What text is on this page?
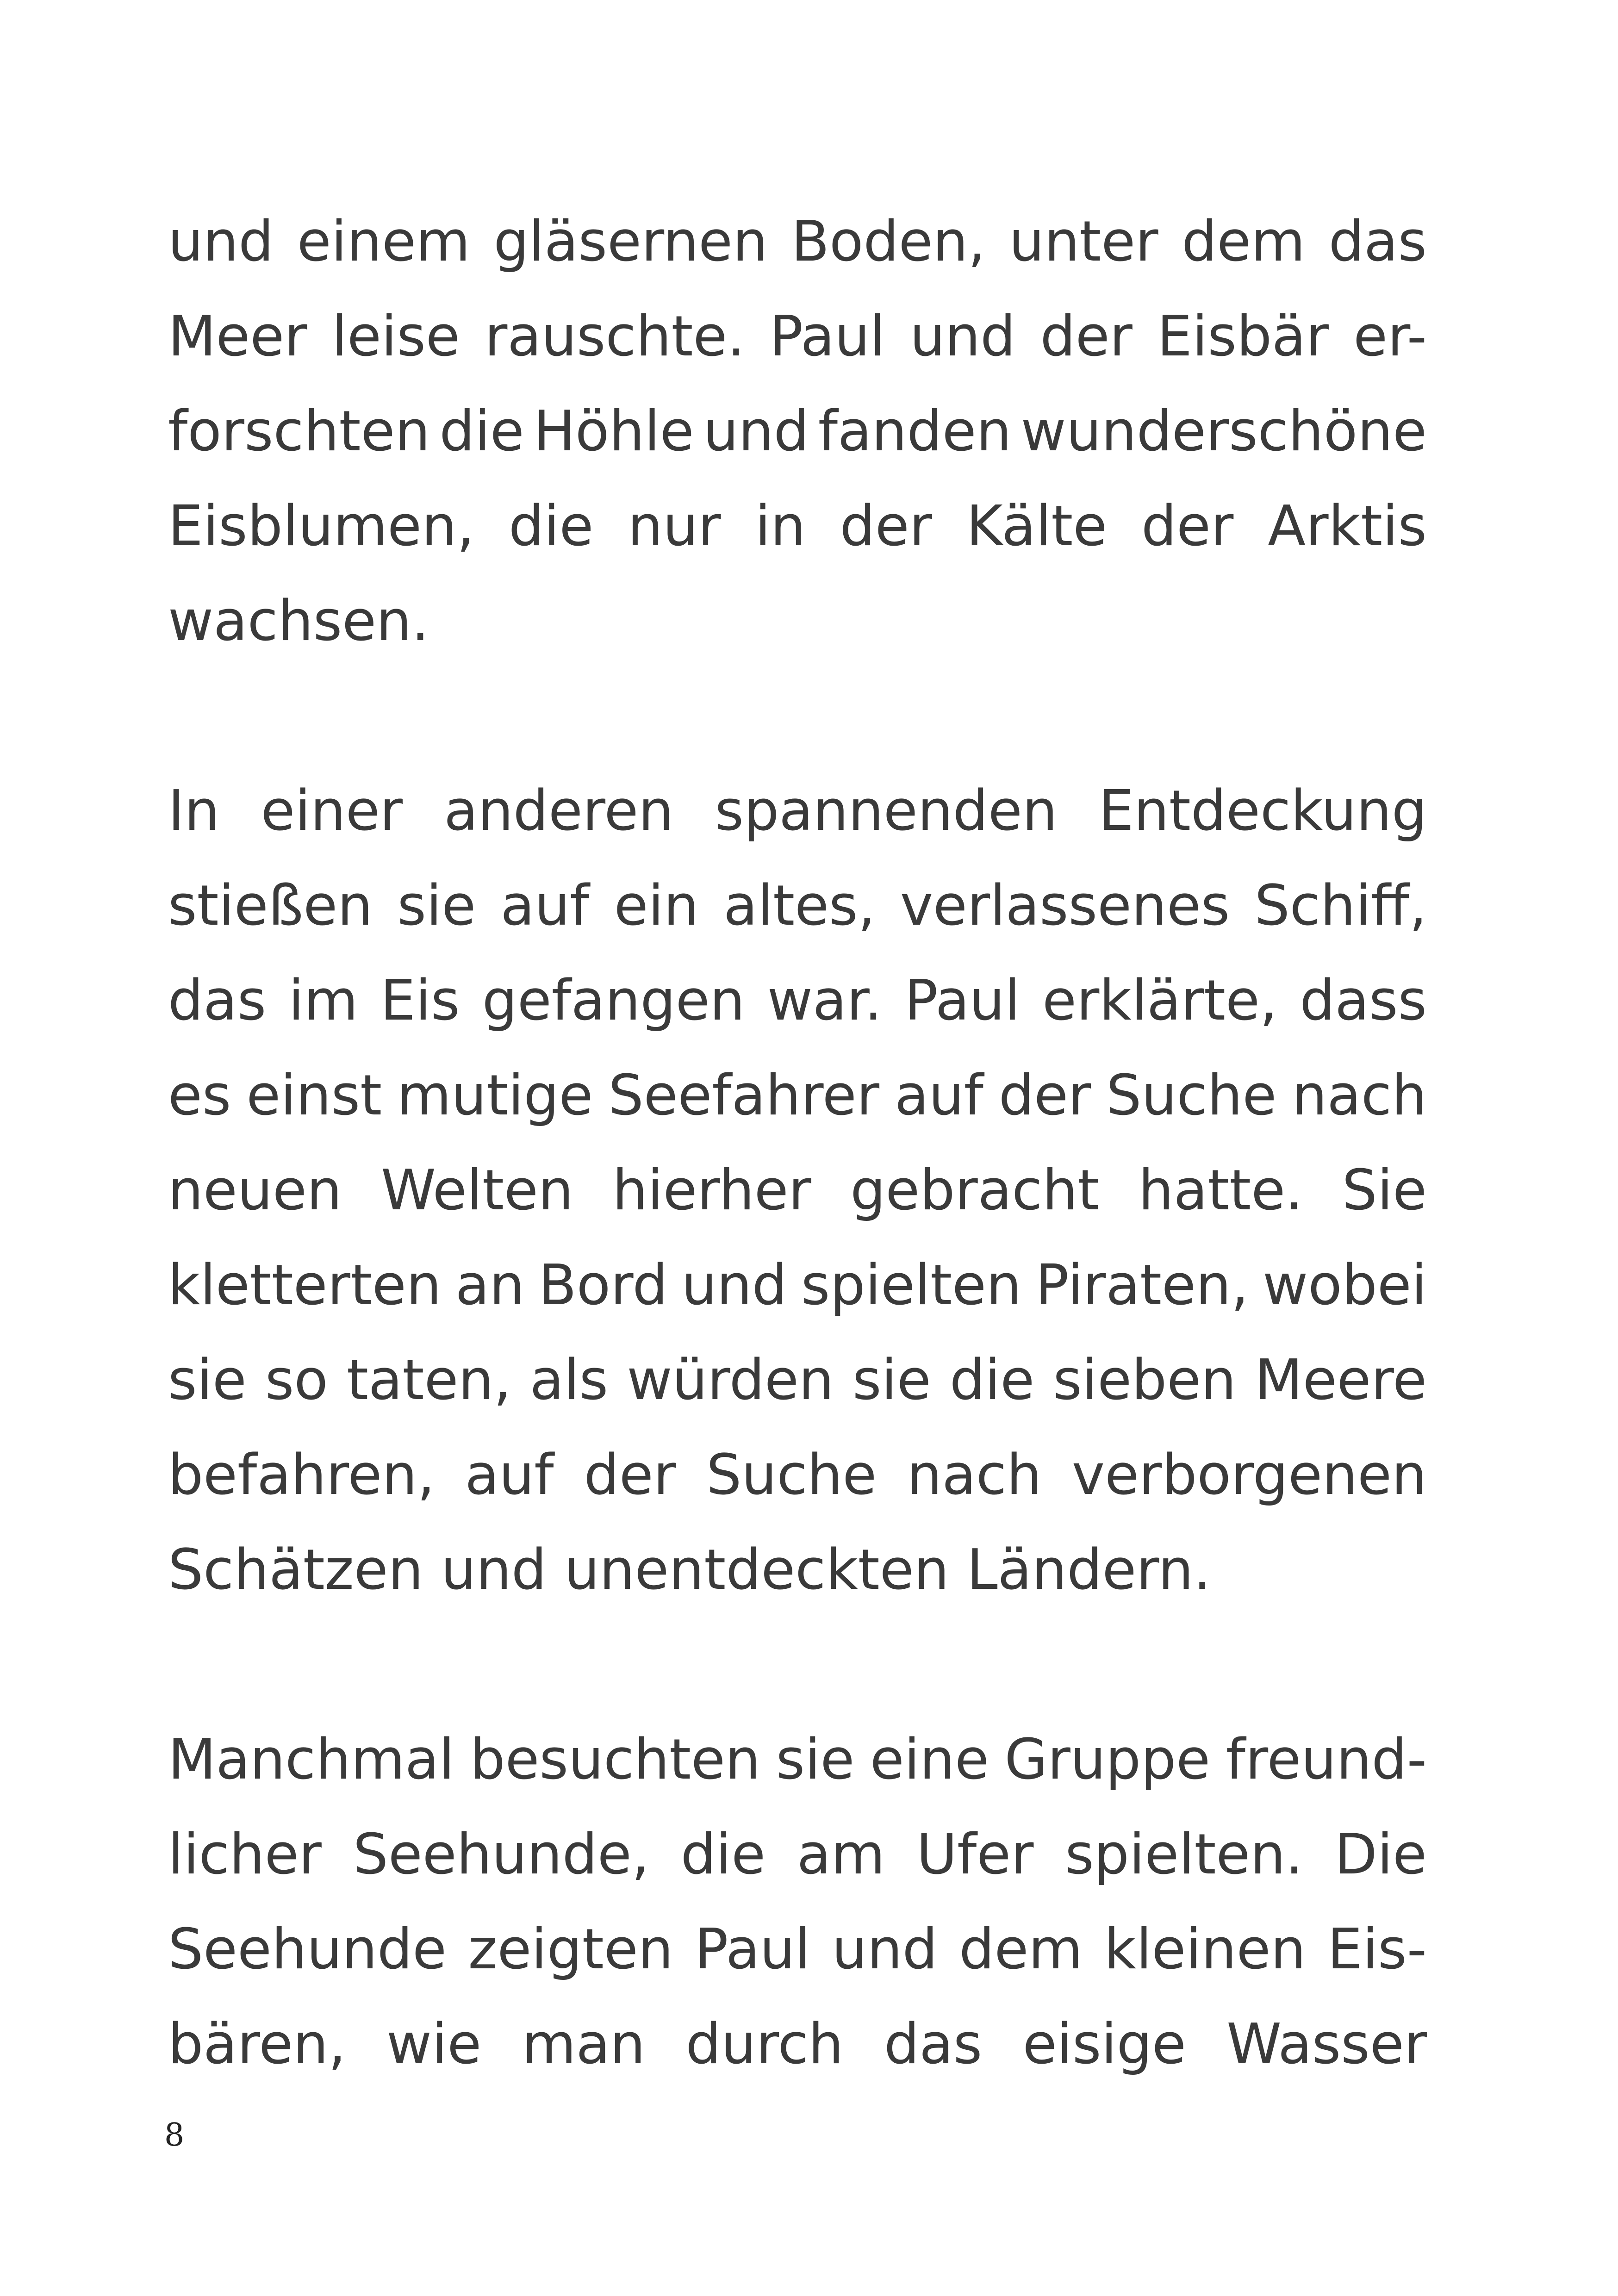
und einem gläsernen Boden, unter dem das
Meer leise rauschte. Paul und der Eisbär er-
forschten die Höhle und fanden wunderschöne
Eisblumen, die nur in der Kälte der Arktis
wachsen.
In einer anderen spannenden Entdeckung
stießen sie auf ein altes, verlassenes Schiff,
das im Eis gefangen war. Paul erklärte, dass
es einst mutige Seefahrer auf der Suche nach
neuen Welten hierher gebracht hatte. Sie
kletterten an Bord und spielten Piraten, wobei
sie so taten, als würden sie die sieben Meere
befahren, auf der Suche nach verborgenen
Schätzen und unentdeckten Ländern.
Manchmal besuchten sie eine Gruppe freund-
licher Seehunde, die am Ufer spielten. Die
Seehunde zeigten Paul und dem kleinen Eis-
bären, wie man durch das eisige Wasser
8
